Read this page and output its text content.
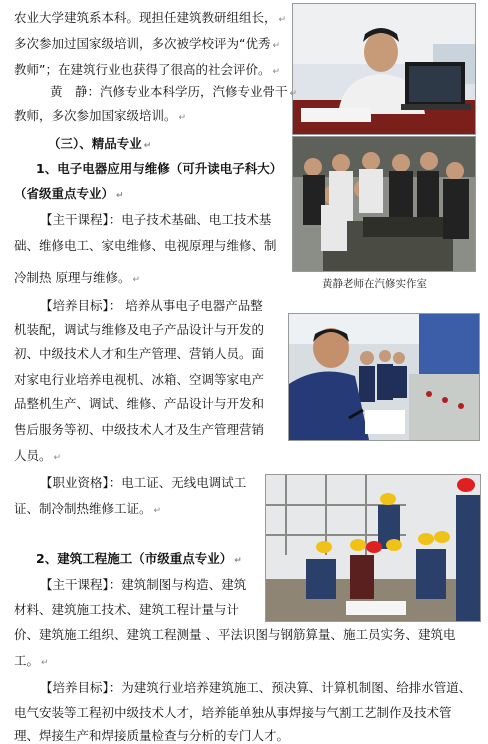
黄静老师在汽修实作室
农业大学建筑系本科。现担任建筑教研组组长， ↵
多次参加过国家级培训，多次被学校评为“优秀 ↵
教师”；在建筑行业也获得了很高的社会评价。 ↵
黄　静：汽修专业本科学历，汽修专业骨干 ↵
教师，多次参加国家级培训。 ↵
（三）、精品专业 ↵
1、电子电器应用与维修（可升读电子科大）
（省级重点专业） ↵
【主干课程】：电子技术基础、电工技术基
础、维修电工、家电维修、电视原理与维修、制
冷制热 原理与维修。 ↵
【培养目标】： 培养从事电子电器产品整
机装配，调试与维修及电子产品设计与开发的
初、中级技术人才和生产管理、营销人员。面
对家电行业培养电视机、冰箱、空调等家电产
品整机生产、调试、维修、产品设计与开发和
售后服务等初、中级技术人才及生产管理营销
人员。 ↵
【职业资格】：电工证、无线电调试工
证、制冷制热维修工证。 ↵
2、建筑工程施工（市级重点专业） ↵
【主干课程】：建筑制图与构造、建筑
材料、建筑施工技术、建筑工程计量与计
价、建筑施工组织、建筑工程测量 、平法识图与钢筋算量、施工员实务、建筑电
工。 ↵
【培养目标】：为建筑行业培养建筑施工、预决算、计算机制图、给排水管道、
电气安装等工程初中级技术人才，培养能单独从事焊接与气割工艺制作及技术管
理、焊接生产和焊接质量检查与分析的专门人才。
